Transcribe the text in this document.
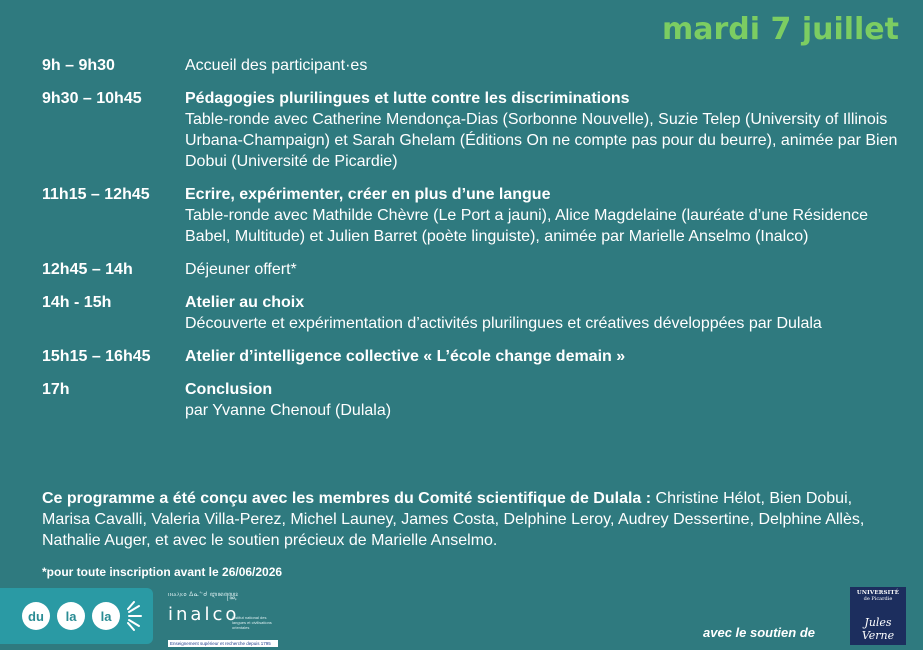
mardi 7 juillet
9h – 9h30	Accueil des participant·es
9h30 – 10h45	Pédagogies plurilingues et lutte contre les discriminations
Table-ronde avec Catherine Mendonça-Dias (Sorbonne Nouvelle), Suzie Telep (University of Illinois Urbana-Champaign) et Sarah Ghelam (Éditions On ne compte pas pour du beurre), animée par Bien Dobui (Université de Picardie)
11h15 – 12h45	Ecrire, expérimenter, créer en plus d’une langue
Table-ronde avec Mathilde Chèvre (Le Port a jauni), Alice Magdelaine (lauréate d’une Résidence Babel, Multitude) et Julien Barret (poète linguiste), animée par Marielle Anselmo (Inalco)
12h45 – 14h	Déjeuner offert*
14h - 15h	Atelier au choix
Découverte et expérimentation d’activités plurilingues et créatives développées par Dulala
15h15 – 16h45	Atelier d’intelligence collective « L’école change demain »
17h	Conclusion
par Yvanne Chenouf (Dulala)
Ce programme a été conçu avec les membres du Comité scientifique de Dulala : Christine Hélot, Bien Dobui, Marisa Cavalli, Valeria Villa-Perez, Michel Launey, James Costa, Delphine Leroy, Audrey Dessertine, Delphine Allès, Nathalie Auger, et avec le soutien précieux de Marielle Anselmo.
*pour toute inscription avant le 26/06/2026
du	la	la
ⲓⲛⲁⲗⲕⲟ ᐃᓇᓪᑯ ꦆꦤꦭ꧀ꦏꦺꦴ
inalco
Institut national des langues et civilisations orientales
Enseignement supérieur et recherche depuis 1795
avec le soutien de
UNIVERSITÉ
de Picardie
Jules Verne
